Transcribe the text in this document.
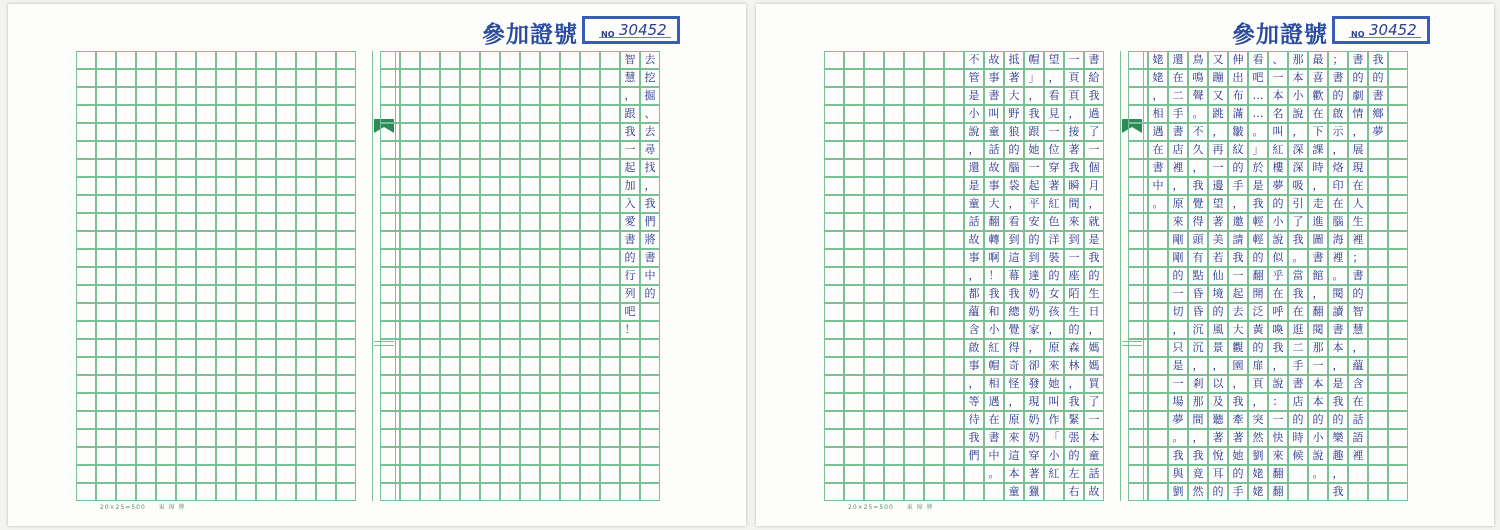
參加證號	NO 30452
去
挖
掘
、
去
尋
找
，
我
們
將
書
中
的
智
慧
，
跟
我
一
起
加
入
愛
書
的
行
列
吧
！
20×25=500 東 璋 牌
參加證號	NO 30452
我
的
書
鄉
夢
書
的
劇
情
，
展
現
在
人
生
裡
；
書
的
智
慧
，
蘊
含
在
話
語
裡
；
書
的
啟
示
，
烙
印
在
腦
海
裡
。
閱
讀
書
本
，
是
我
的
樂
趣
，
我
最
喜
歡
在
下
課
時
，
走
進
圖
書
館
，
翻
閱
那
一
本
本
的
小
說
。
那
本
小
說
，
深
深
吸
引
了
我
。
當
我
在
逛
二
手
書
店
的
時
候
、
一
本
名
叫
紅
樓
夢
的
小
說
似
乎
在
呼
喚
我
，
說
：
一
快
來
翻
翻
看
吧
…
…
。
」
於
是
我
輕
輕
的
翻
開
泛
黃
的
扉
頁
，
突
然
劉
姥
姥
伸
出
布
滿
皺
紋
的
手
，
邀
請
我
一
起
去
大
觀
園
，
我
牽
著
她
的
手
又
蹦
又
跳
，
再
一
邊
望
著
美
若
仙
境
的
風
景
，
以
及
聽
著
悅
耳
的
鳥
鳴
聲
。
不
久
，
我
覺
得
頭
有
點
昏
昏
沉
沉
，
剎
那
間
，
我
竟
然
還
在
二
手
書
店
裡
，
原
來
剛
剛
的
一
切
，
只
是
一
場
夢
。
我
與
劉
姥
姥
，
相
遇
在
書
中
。
書
給
我
過
了
一
個
月
，
就
是
我
的
生
日
，
媽
媽
買
了
一
本
童
話
故
一
頁
頁
，
接
著
我
瞬
間
來
到
一
座
陌
生
的
森
林
，
我
緊
張
的
左
右
望
，
看
見
一
位
穿
著
紅
色
洋
裝
的
女
孩
，
原
來
她
叫
作
「
小
紅
帽
」
，
我
跟
她
一
起
平
安
的
到
達
奶
奶
家
，
卻
發
現
奶
奶
穿
著
獵
抵
著
大
野
狼
的
腦
袋
，
看
到
這
幕
我
總
覺
得
奇
怪
，
原
來
這
本
童
故
事
書
叫
童
話
故
事
大
翻
轉
啊
！
我
和
小
紅
帽
相
遇
在
書
中
。
不
管
是
小
說
，
還
是
童
話
故
事
，
都
蘊
含
啟
事
，
等
待
我
們
20×25=500 東 璋 牌
